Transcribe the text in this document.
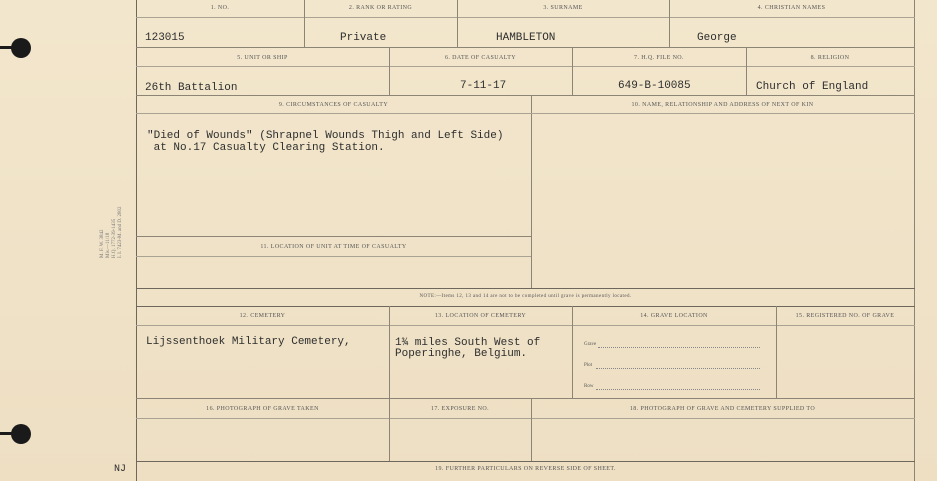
M. F. W. 3842
Mis.—11/18
H.Q. 1772-39-1435
I. I. 7423-M. and D. 2802
NJ
1. NO.	2. RANK OR RATING	3. SURNAME	4. CHRISTIAN NAMES
123015	Private	HAMBLETON	George
5. UNIT OR SHIP	6. DATE OF CASUALTY	7. H.Q. FILE NO.	8. RELIGION
26th Battalion	7-11-17	649-B-10085	Church of England
9. CIRCUMSTANCES OF CASUALTY	10. NAME, RELATIONSHIP AND ADDRESS OF NEXT OF KIN
"Died of Wounds" (Shrapnel Wounds Thigh and Left Side)
at No.17 Casualty Clearing Station.
11. LOCATION OF UNIT AT TIME OF CASUALTY
NOTE:—Items 12, 13 and 14 are not to be completed until grave is permanently located.
12. CEMETERY	13. LOCATION OF CEMETERY	14. GRAVE LOCATION	15. REGISTERED NO. OF GRAVE
Lijssenthoek Military Cemetery,	1¾ miles South West of
Poperinghe, Belgium.
Grave
Plot
Row
16. PHOTOGRAPH OF GRAVE TAKEN	17. EXPOSURE NO.	18. PHOTOGRAPH OF GRAVE AND CEMETERY SUPPLIED TO
19. FURTHER PARTICULARS ON REVERSE SIDE OF SHEET.
